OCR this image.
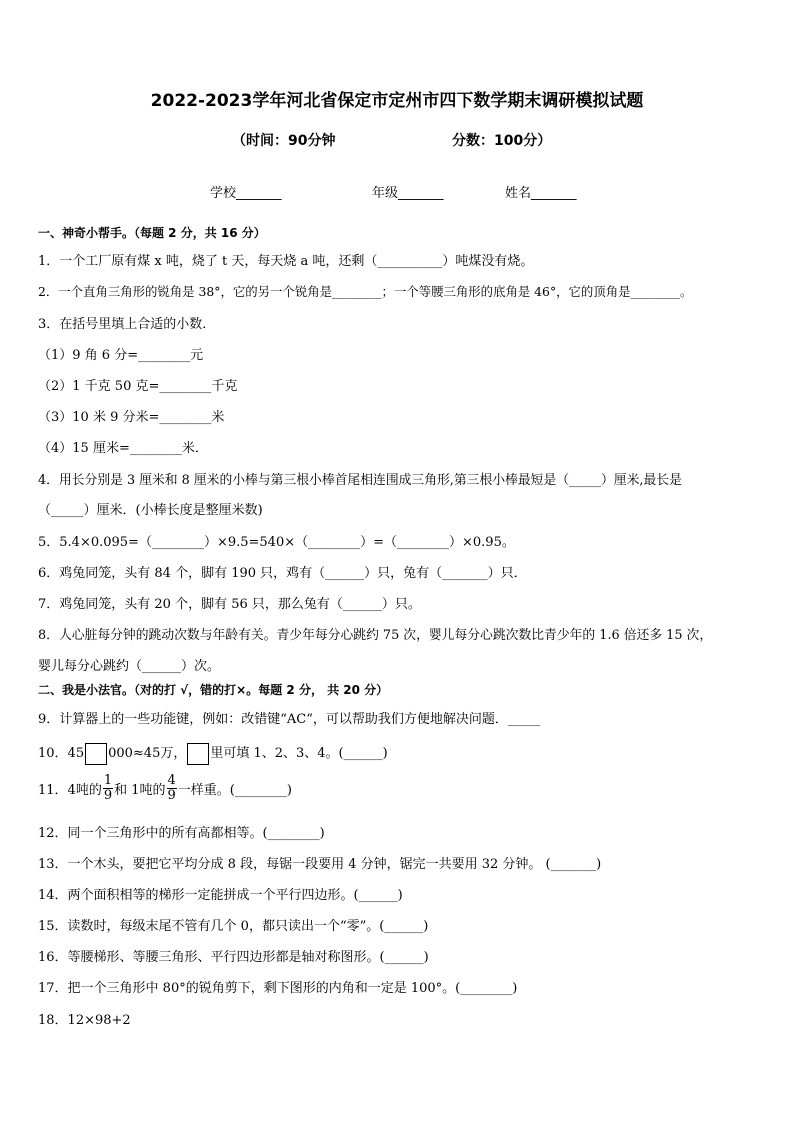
2022-2023学年河北省保定市定州市四下数学期末调研模拟试题
（时间：90分钟	分数：100分）
学校_______	年级_______	姓名_______
一、神奇小帮手。（每题 2 分，共 16 分）
1．一个工厂原有煤 x 吨，烧了 t 天，每天烧 a 吨，还剩（__________）吨煤没有烧。
2．一个直角三角形的锐角是 38°，它的另一个锐角是________；一个等腰三角形的底角是 46°，它的顶角是________。
3．在括号里填上合适的小数．
（1）9 角 6 分=________元
（2）1 千克 50 克=________千克
（3）10 米 9 分米=________米
（4）15 厘米=________米．
4．用长分别是 3 厘米和 8 厘米的小棒与第三根小棒首尾相连围成三角形,第三根小棒最短是（_____）厘米,最长是
（_____）厘米．(小棒长度是整厘米数)
5．5.4×0.095=（________）×9.5=540×（________）=（________）×0.95。
6．鸡兔同笼，头有 84 个，脚有 190 只，鸡有（______）只，兔有（_______）只．
7．鸡兔同笼，头有 20 个，脚有 56 只，那么兔有（______）只。
8．人心脏每分钟的跳动次数与年龄有关。青少年每分心跳约 75 次，婴儿每分心跳次数比青少年的 1.6 倍还多 15 次，
婴儿每分心跳约（______）次。
二、我是小法官。（对的打 √，错的打×。每题 2 分， 共 20 分）
9．计算器上的一些功能键，例如：改错键“AC“，可以帮助我们方便地解决问题．_____
10．45 000≈45万， 里可填 1、2、3、4。(______)
11．4吨的 $\frac{1}{9}$ 和 1吨的 $\frac{4}{9}$ 一样重。(________)
12．同一个三角形中的所有高都相等。(________)
13．一个木头，要把它平均分成 8 段，每锯一段要用 4 分钟，锯完一共要用 32 分钟。 (_______)
14．两个面积相等的梯形一定能拼成一个平行四边形。(______)
15．读数时，每级末尾不管有几个 0，都只读出一个“零”。(______)
16．等腰梯形、等腰三角形、平行四边形都是轴对称图形。(______)
17．把一个三角形中 80°的锐角剪下，剩下图形的内角和一定是 100°。(________)
18．12×98+2
